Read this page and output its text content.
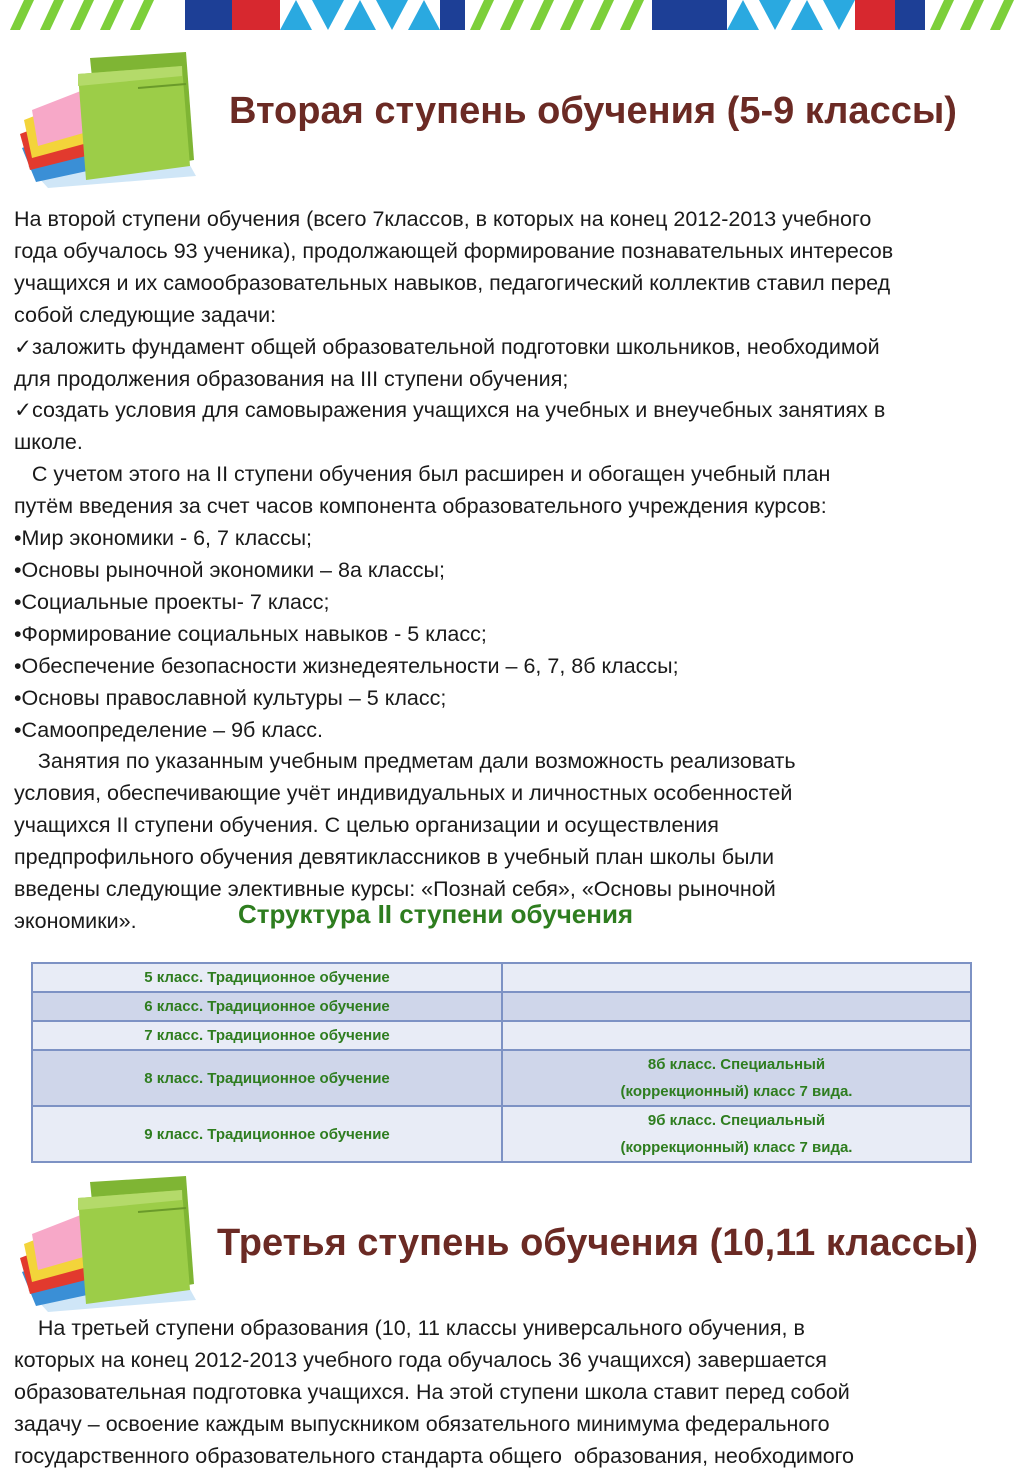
Вторая ступень обучения (5-9 классы)
На второй ступени обучения (всего 7классов, в которых на конец 2012-2013 учебного
года обучалось 93 ученика), продолжающей формирование познавательных интересов
учащихся и их самообразовательных навыков, педагогический коллектив ставил перед
собой следующие задачи:
✓заложить фундамент общей образовательной подготовки школьников, необходимой
для продолжения образования на III ступени обучения;
✓создать условия для самовыражения учащихся на учебных и внеучебных занятиях в
школе.
С учетом этого на II ступени обучения был расширен и обогащен учебный план
путём введения за счет часов компонента образовательного учреждения курсов:
•Мир экономики - 6, 7 классы;
•Основы рыночной экономики – 8а классы;
•Социальные проекты- 7 класс;
•Формирование социальных навыков - 5 класс;
•Обеспечение безопасности жизнедеятельности – 6, 7, 8б классы;
•Основы православной культуры – 5 класс;
•Самоопределение – 9б класс.
Занятия по указанным учебным предметам дали возможность реализовать
условия, обеспечивающие учёт индивидуальных и личностных особенностей
учащихся II ступени обучения. С целью организации и осуществления
предпрофильного обучения девятиклассников в учебный план школы были
введены следующие элективные курсы: «Познай себя», «Основы рыночной
экономики».	Структура II ступени обучения
5 класс. Традиционное обучение	
6 класс. Традиционное обучение	
7 класс. Традиционное обучение	
8 класс. Традиционное обучение	8б класс. Специальный
(коррекционный) класс 7 вида.

9 класс. Традиционное обучение	9б класс. Специальный
(коррекционный) класс 7 вида.
Третья ступень обучения (10,11 классы)
На третьей ступени образования (10, 11 классы универсального обучения, в
которых на конец 2012-2013 учебного года обучалось 36 учащихся) завершается
образовательная подготовка учащихся. На этой ступени школа ставит перед собой
задачу – освоение каждым выпускником обязательного минимума федерального
государственного образовательного стандарта общего  образования, необходимого
